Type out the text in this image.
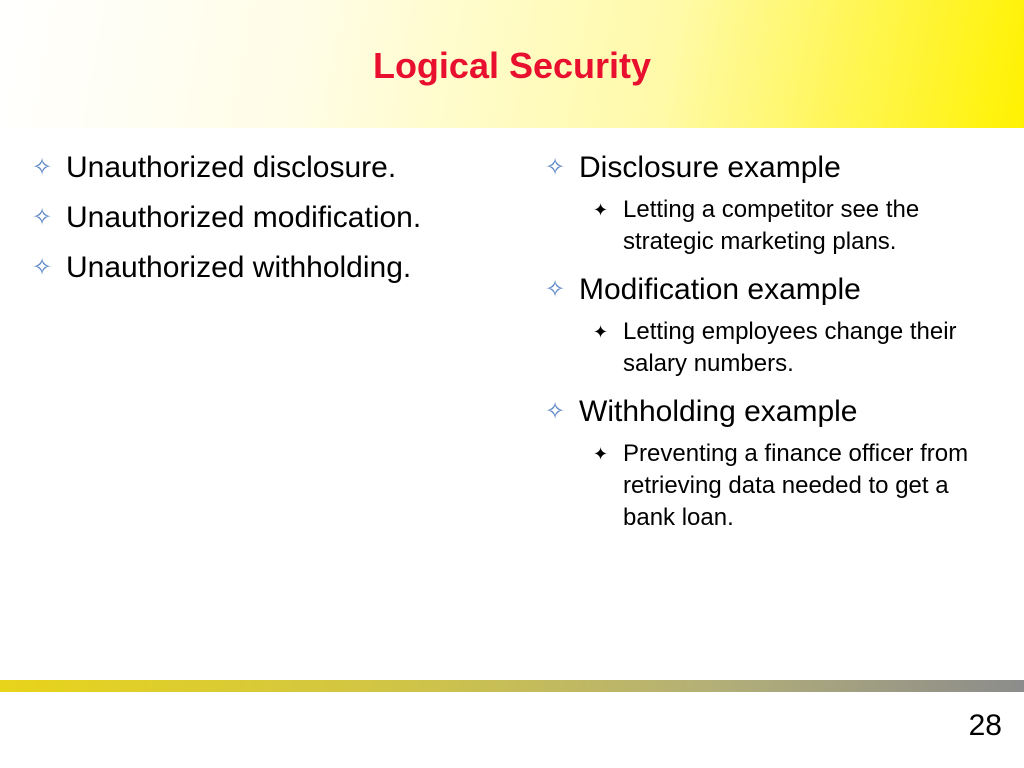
Logical Security
✧ Unauthorized disclosure.
✧ Unauthorized modification.
✧ Unauthorized withholding.
✧ Disclosure example
✦ Letting a competitor see the strategic marketing plans.
✧ Modification example
✦ Letting employees change their salary numbers.
✧ Withholding example
✦ Preventing a finance officer from retrieving data needed to get a bank loan.
28
